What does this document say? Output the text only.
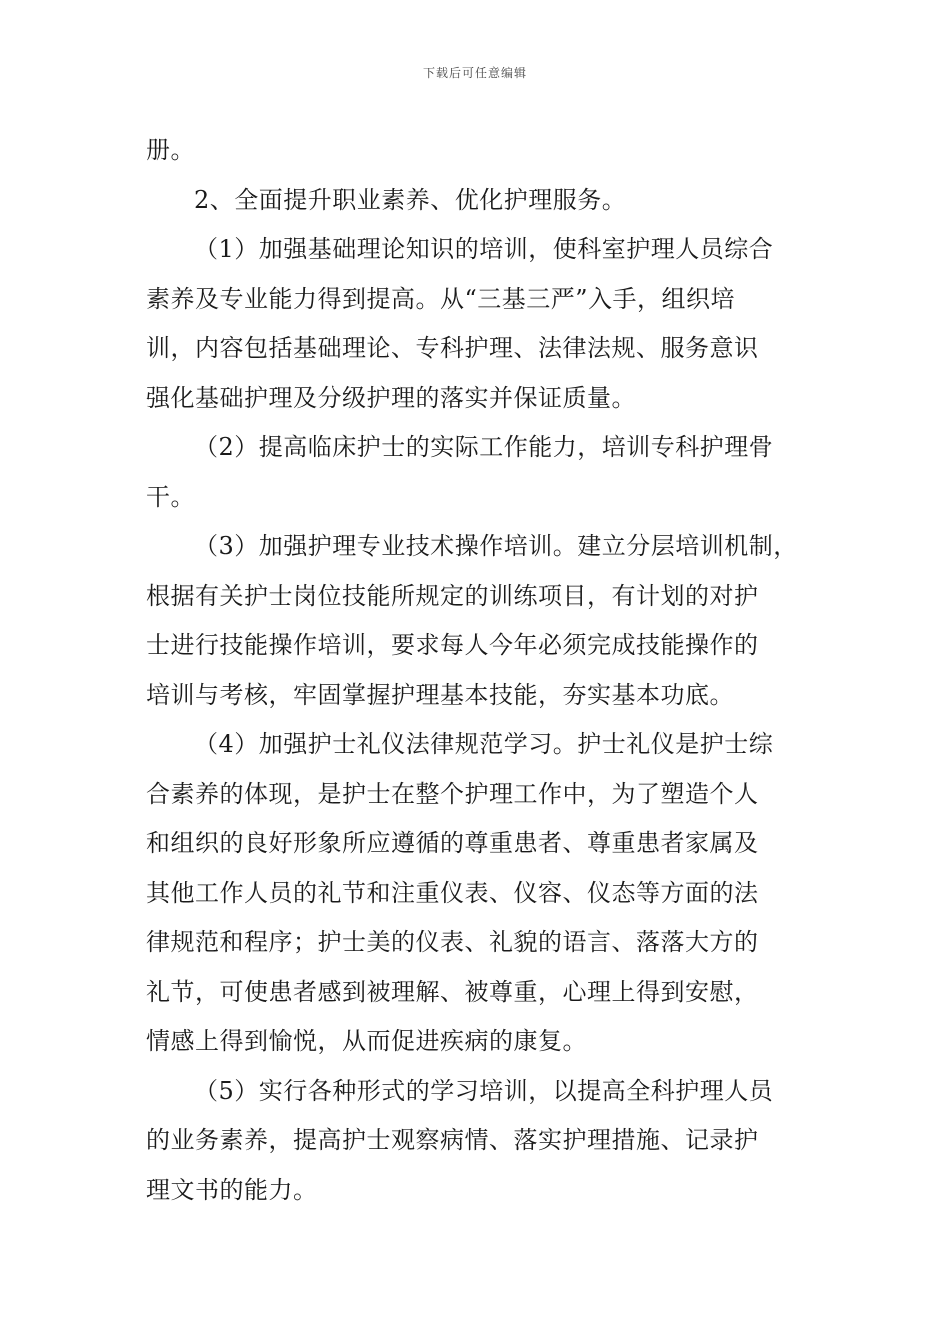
下载后可任意编辑
册。
2、全面提升职业素养、优化护理服务。
（1）加强基础理论知识的培训，使科室护理人员综合
素养及专业能力得到提高。从“三基三严”入手，组织培
训，内容包括基础理论、专科护理、法律法规、服务意识
强化基础护理及分级护理的落实并保证质量。
（2）提高临床护士的实际工作能力，培训专科护理骨
干。
（3）加强护理专业技术操作培训。建立分层培训机制，
根据有关护士岗位技能所规定的训练项目，有计划的对护
士进行技能操作培训，要求每人今年必须完成技能操作的
培训与考核，牢固掌握护理基本技能，夯实基本功底。
（4）加强护士礼仪法律规范学习。护士礼仪是护士综
合素养的体现，是护士在整个护理工作中，为了塑造个人
和组织的良好形象所应遵循的尊重患者、尊重患者家属及
其他工作人员的礼节和注重仪表、仪容、仪态等方面的法
律规范和程序；护士美的仪表、礼貌的语言、落落大方的
礼节，可使患者感到被理解、被尊重，心理上得到安慰，
情感上得到愉悦，从而促进疾病的康复。
（5）实行各种形式的学习培训，以提高全科护理人员
的业务素养，提高护士观察病情、落实护理措施、记录护
理文书的能力。
